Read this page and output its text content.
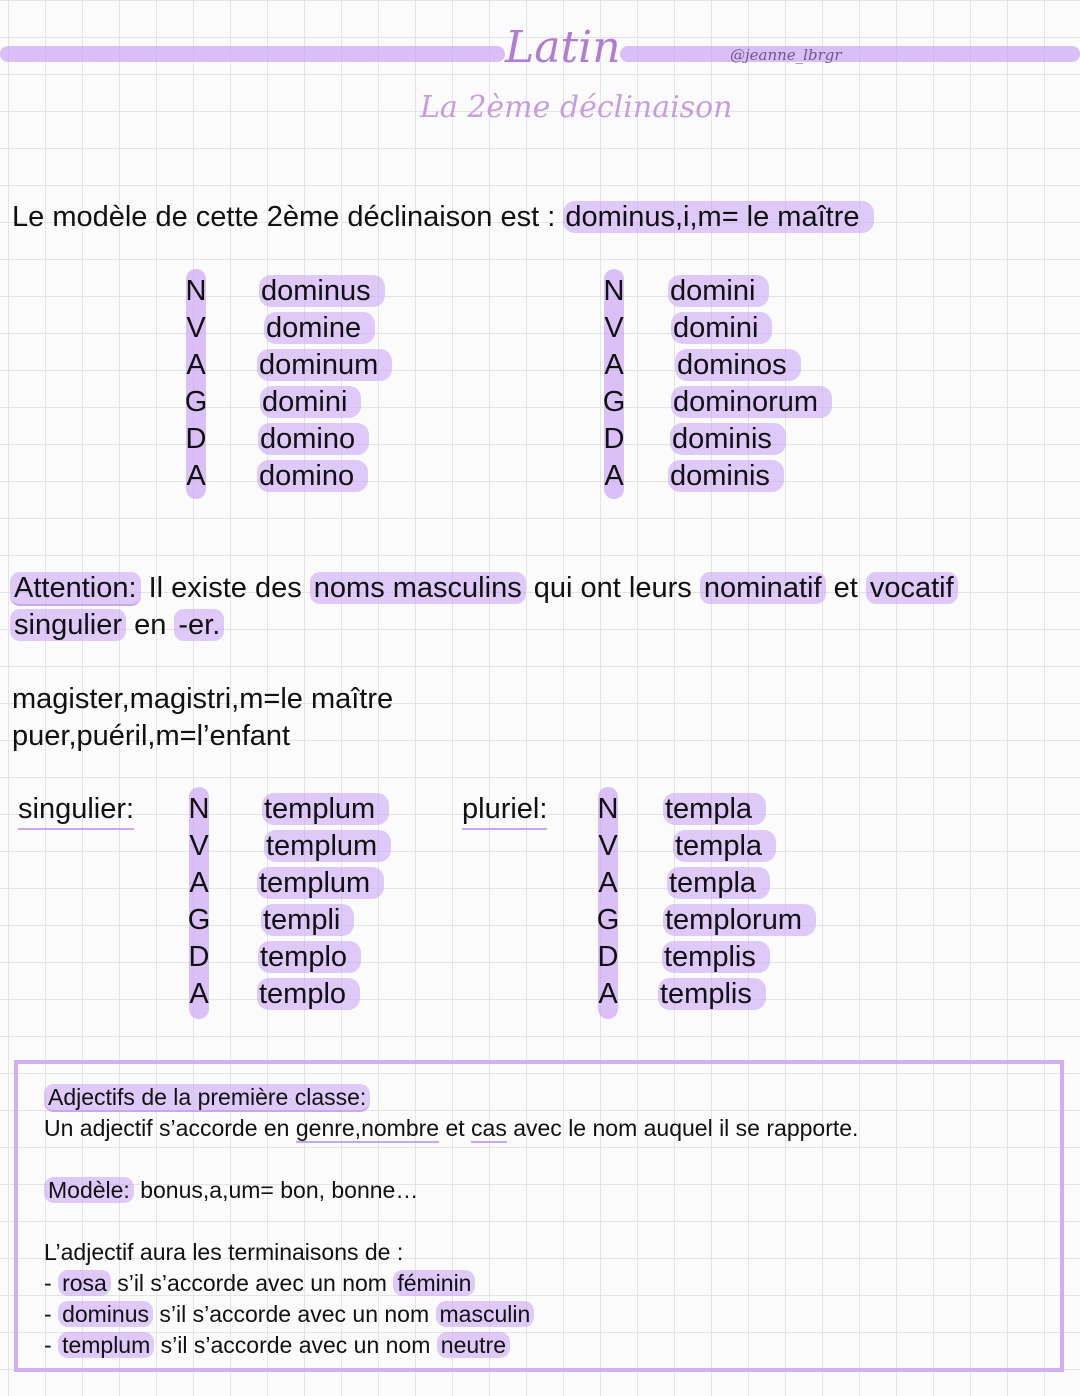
Latin	@jeanne_lbrgr
La 2ème déclinaison
Le modèle de cette 2ème déclinaison est : dominus,i,m= le maître
N
V
A
G
D
A
dominus
domine
dominum
domini
domino
domino
N
V
A
G
D
A
domini
domini
dominos
dominorum
dominis
dominis
Attention: Il existe des noms masculins qui ont leurs nominatif et vocatif
singulier en -er.
magister,magistri,m=le maître
puer,puéril,m=l’enfant
singulier: N
V
A
G
D
A
templum
templum
templum
templi
templo
templo
pluriel: N
V
A
G
D
A
templa
templa
templa
templorum
templis
templis
Adjectifs de la première classe:
Un adjectif s’accorde en genre,nombre et cas avec le nom auquel il se rapporte.
Modèle: bonus,a,um= bon, bonne…
L’adjectif aura les terminaisons de :
- rosa s’il s’accorde avec un nom féminin
- dominus s’il s’accorde avec un nom masculin
- templum s’il s’accorde avec un nom neutre
